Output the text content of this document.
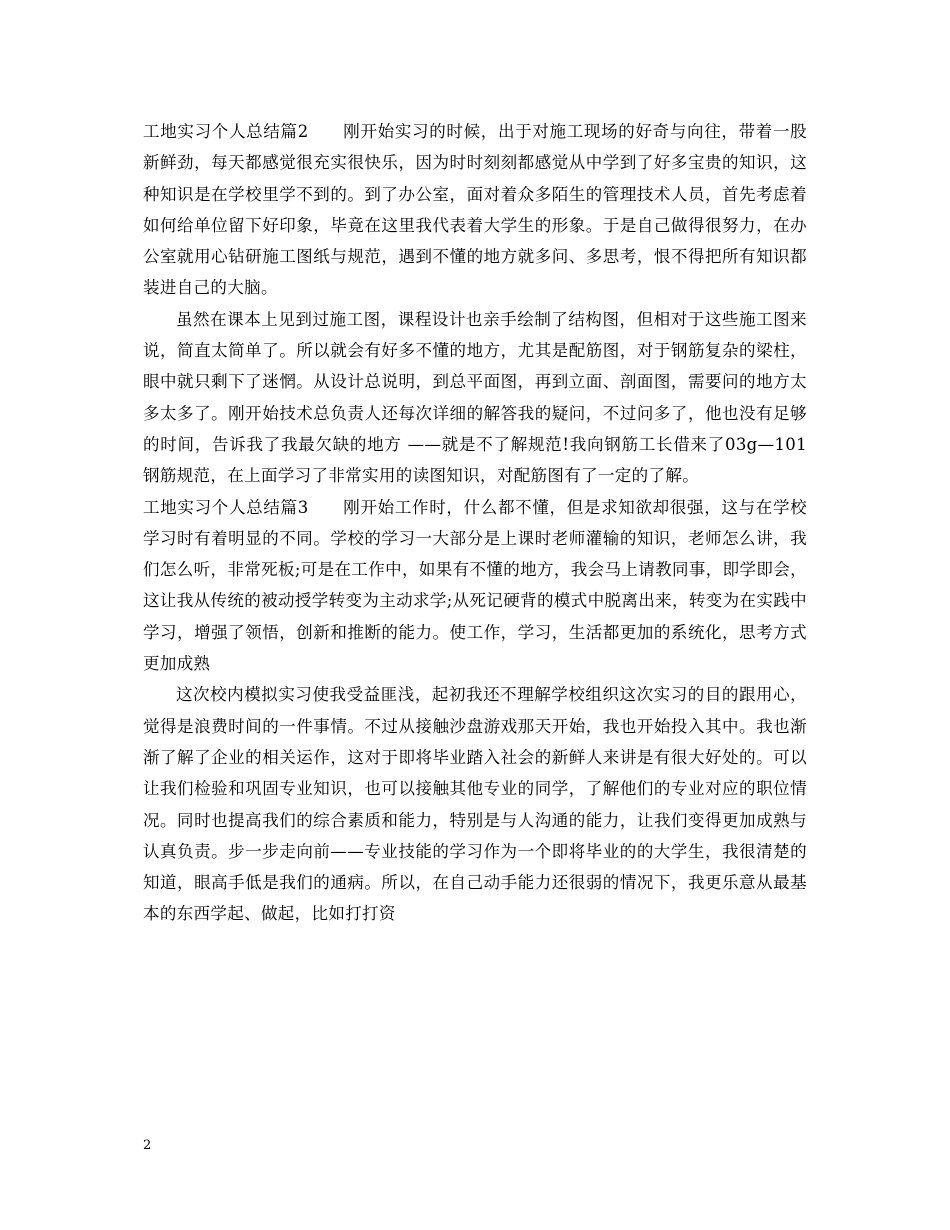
工地实习个人总结篇2　　刚开始实习的时候，出于对施工现场的好奇与向往，带着一股新鲜劲，每天都感觉很充实很快乐，因为时时刻刻都感觉从中学到了好多宝贵的知识，这种知识是在学校里学不到的。到了办公室，面对着众多陌生的管理技术人员，首先考虑着如何给单位留下好印象，毕竟在这里我代表着大学生的形象。于是自己做得很努力，在办公室就用心钻研施工图纸与规范，遇到不懂的地方就多问、多思考，恨不得把所有知识都装进自己的大脑。

虽然在课本上见到过施工图，课程设计也亲手绘制了结构图，但相对于这些施工图来说，简直太简单了。所以就会有好多不懂的地方，尤其是配筋图，对于钢筋复杂的梁柱，眼中就只剩下了迷惘。从设计总说明，到总平面图，再到立面、剖面图，需要问的地方太多太多了。刚开始技术总负责人还每次详细的解答我的疑问，不过问多了，他也没有足够的时间，告诉我了我最欠缺的地方 ——就是不了解规范!我向钢筋工长借来了03g—101钢筋规范，在上面学习了非常实用的读图知识，对配筋图有了一定的了解。

工地实习个人总结篇3　　刚开始工作时，什么都不懂，但是求知欲却很强，这与在学校学习时有着明显的不同。学校的学习一大部分是上课时老师灌输的知识，老师怎么讲，我们怎么听，非常死板;可是在工作中，如果有不懂的地方，我会马上请教同事，即学即会，这让我从传统的被动授学转变为主动求学;从死记硬背的模式中脱离出来，转变为在实践中学习，增强了领悟，创新和推断的能力。使工作，学习，生活都更加的系统化，思考方式更加成熟

这次校内模拟实习使我受益匪浅，起初我还不理解学校组织这次实习的目的跟用心，觉得是浪费时间的一件事情。不过从接触沙盘游戏那天开始，我也开始投入其中。我也渐渐了解了企业的相关运作，这对于即将毕业踏入社会的新鲜人来讲是有很大好处的。可以让我们检验和巩固专业知识，也可以接触其他专业的同学，了解他们的专业对应的职位情况。同时也提高我们的综合素质和能力，特别是与人沟通的能力，让我们变得更加成熟与认真负责。步一步走向前——专业技能的学习作为一个即将毕业的的大学生，我很清楚的知道，眼高手低是我们的通病。所以，在自己动手能力还很弱的情况下，我更乐意从最基本的东西学起、做起，比如打打资

2
